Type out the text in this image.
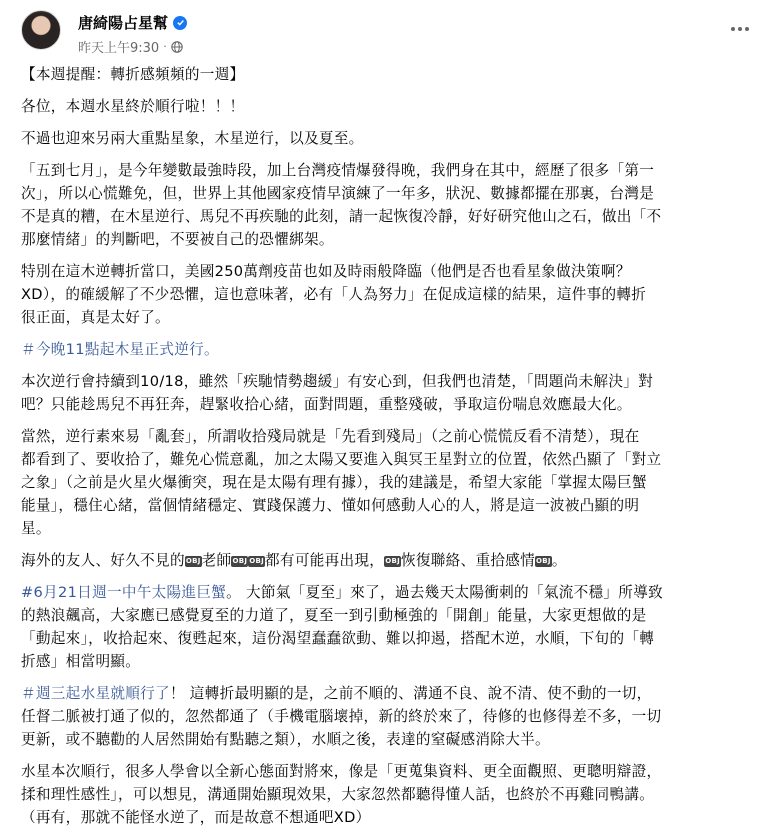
唐綺陽占星幫
昨天上午9:30 ·

【本週提醒：轉折感頻頻的一週】

各位，本週水星終於順行啦！！！

不過也迎來另兩大重點星象，木星逆行，以及夏至。

「五到七月」，是今年變數最強時段，加上台灣疫情爆發得晚，我們身在其中，經歷了很多「第一
次」，所以心慌難免，但，世界上其他國家疫情早演練了一年多，狀況、數據都擺在那裏，台灣是
不是真的糟，在木星逆行、馬兒不再疾馳的此刻，請一起恢復冷靜，好好研究他山之石，做出「不
那麼情緒」的判斷吧，不要被自己的恐懼綁架。

特別在這木逆轉折當口，美國250萬劑疫苗也如及時雨般降臨（他們是否也看星象做決策啊？
XD），的確緩解了不少恐懼，這也意味著，必有「人為努力」在促成這樣的結果，這件事的轉折
很正面，真是太好了。

＃今晚11點起木星正式逆行。

本次逆行會持續到10/18，雖然「疾馳情勢趨緩」有安心到，但我們也清楚，「問題尚未解決」對
吧？只能趁馬兒不再狂奔，趕緊收拾心緒，面對問題，重整殘破，爭取這份喘息效應最大化。

當然，逆行素來易「亂套」，所謂收拾殘局就是「先看到殘局」（之前心慌慌反看不清楚），現在
都看到了、要收拾了，難免心慌意亂，加之太陽又要進入與冥王星對立的位置，依然凸顯了「對立
之象」（之前是火星火爆衝突，現在是太陽有理有據），我的建議是，希望大家能「掌握太陽巨蟹
能量」，穩住心緒，當個情緒穩定、實踐保護力、懂如何感動人心的人，將是這一波被凸顯的明
星。

海外的友人、好久不見的OBJ老師OBJ OBJ都有可能再出現，OBJ恢復聯絡、重拾感情OBJ。

#6月21日週一中午太陽進巨蟹。 大節氣「夏至」來了，過去幾天太陽衝刺的「氣流不穩」所導致
的熱浪飆高，大家應已感覺夏至的力道了，夏至一到引動極強的「開創」能量，大家更想做的是
「動起來」，收拾起來、復甦起來，這份渴望蠢蠢欲動、難以抑遏，搭配木逆，水順，下旬的「轉
折感」相當明顯。

＃週三起水星就順行了！ 這轉折最明顯的是，之前不順的、溝通不良、說不清、使不動的一切，
任督二脈被打通了似的，忽然都通了（手機電腦壞掉，新的終於來了，待修的也修得差不多，一切
更新，或不聽勸的人居然開始有點聽之類），水順之後，表達的窒礙感消除大半。

水星本次順行，很多人學會以全新心態面對將來，像是「更蒐集資料、更全面觀照、更聰明辯證，
揉和理性感性」，可以想見，溝通開始顯現效果，大家忽然都聽得懂人話，也終於不再雞同鴨講。
（再有，那就不能怪水逆了，而是故意不想通吧XD）
